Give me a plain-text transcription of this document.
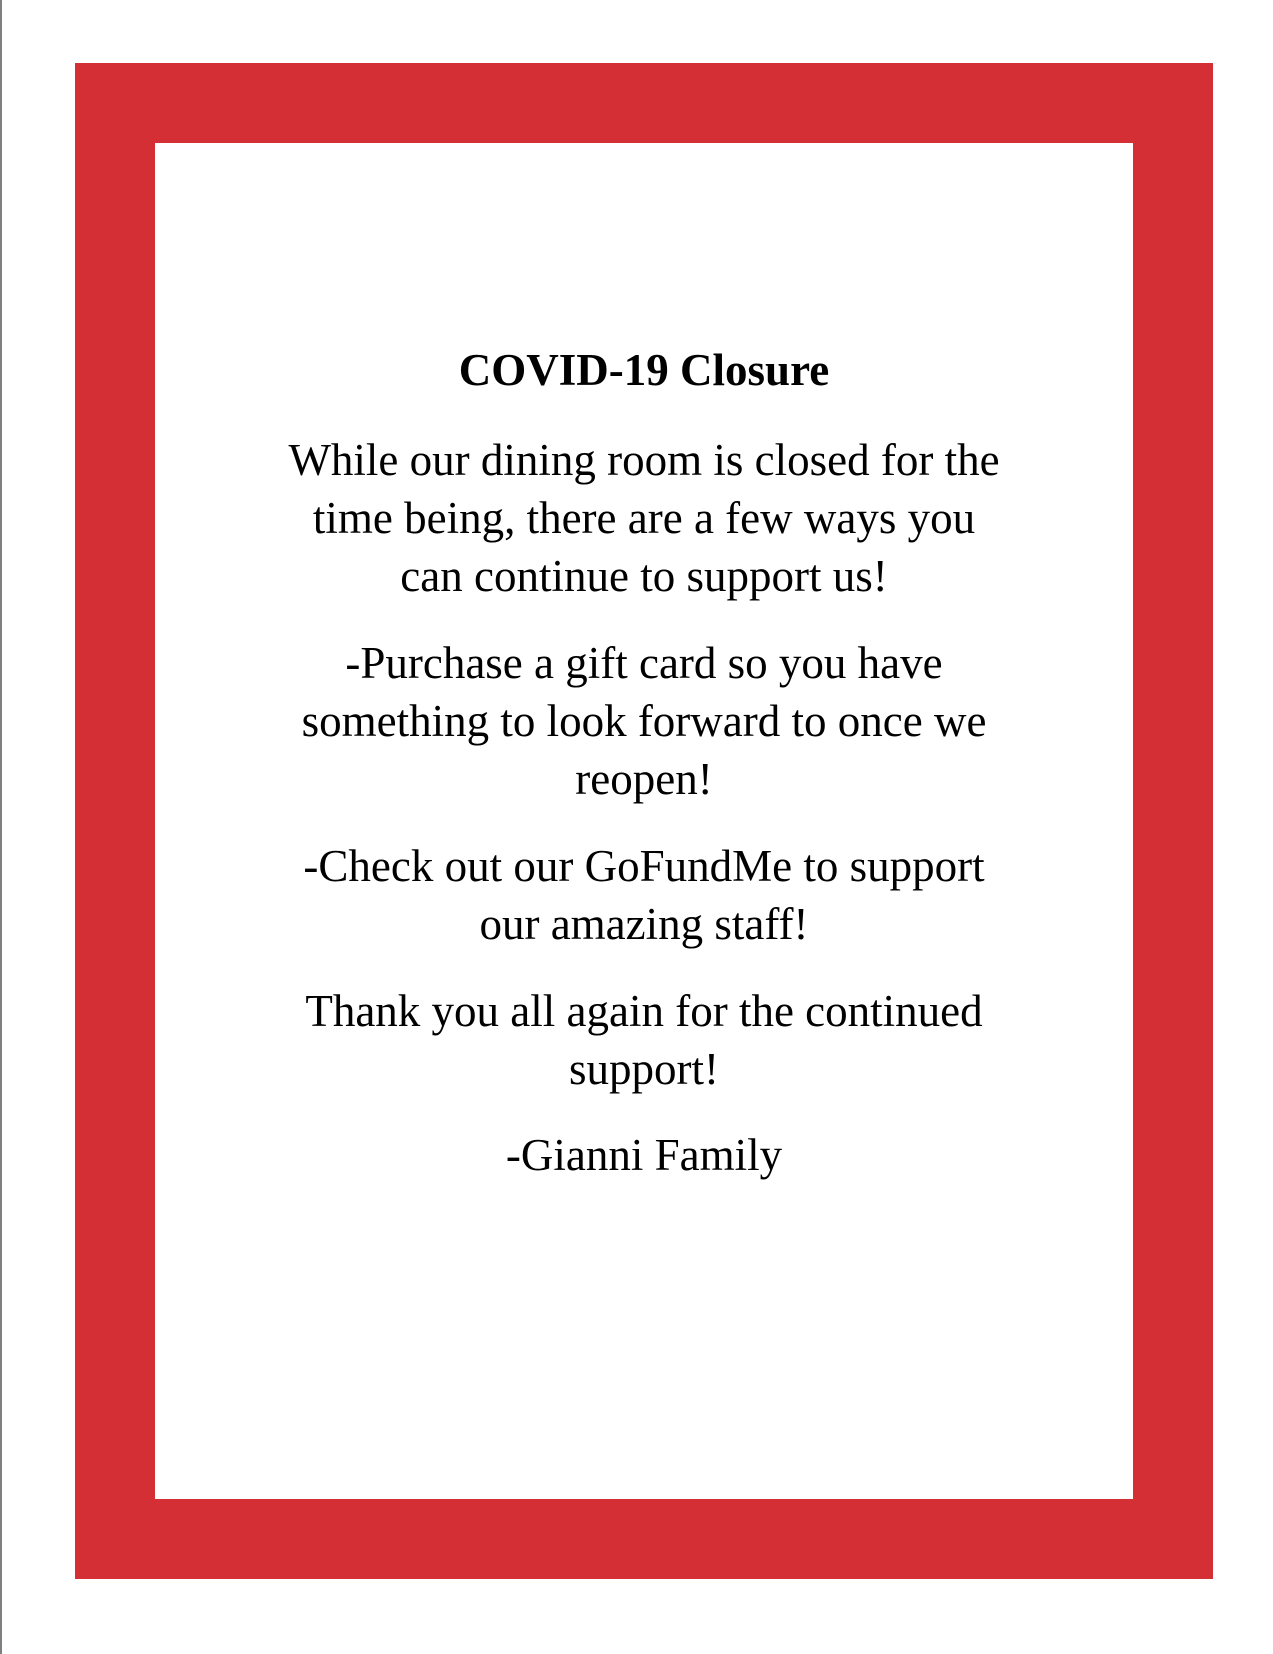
COVID-19 Closure
While our dining room is closed for the
time being, there are a few ways you
can continue to support us!
-Purchase a gift card so you have
something to look forward to once we
reopen!
-Check out our GoFundMe to support
our amazing staff!
Thank you all again for the continued
support!
-Gianni Family
